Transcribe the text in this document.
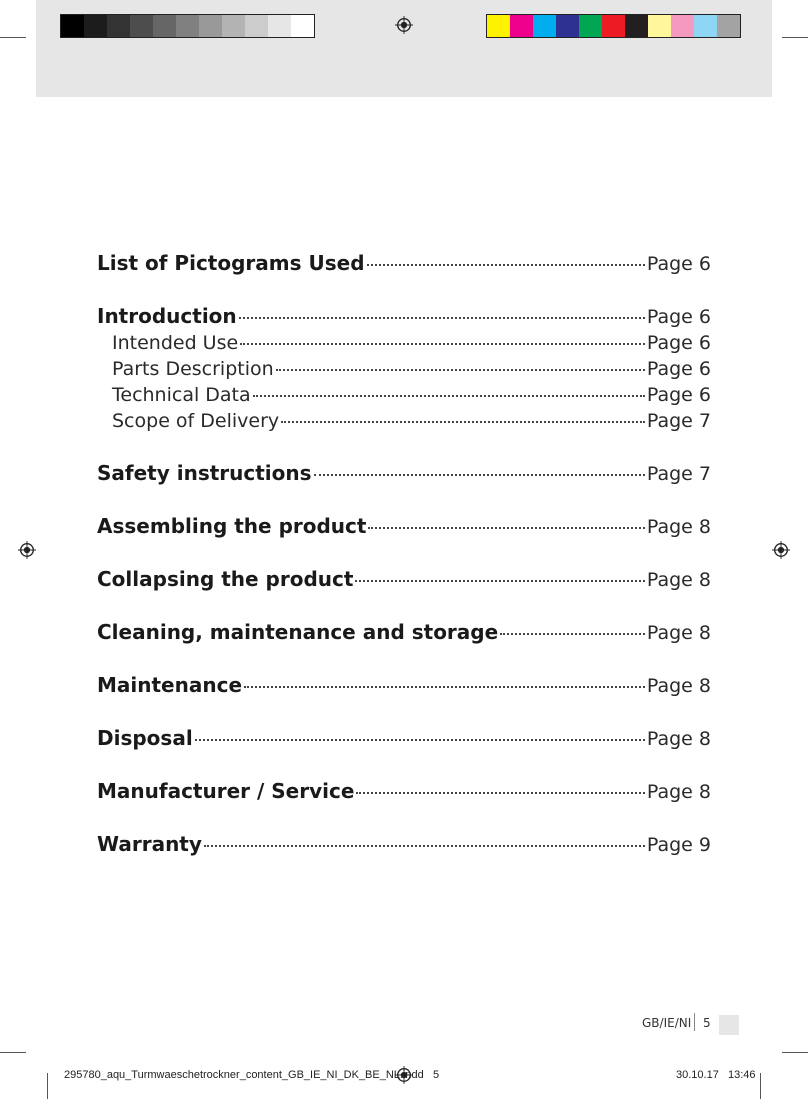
List of Pictograms Used	Page 6
Introduction	Page 6
Intended Use	Page 6
Parts Description	Page 6
Technical Data	Page 6
Scope of Delivery	Page 7
Safety instructions	Page 7
Assembling the product	Page 8
Collapsing the product	Page 8
Cleaning, maintenance and storage	Page 8
Maintenance	Page 8
Disposal	Page 8
Manufacturer / Service	Page 8
Warranty	Page 9
GB/IE/NI 5
295780_aqu_Turmwaeschetrockner_content_GB_IE_NI_DK_BE_NL.indd 5	30.10.17 13:46
